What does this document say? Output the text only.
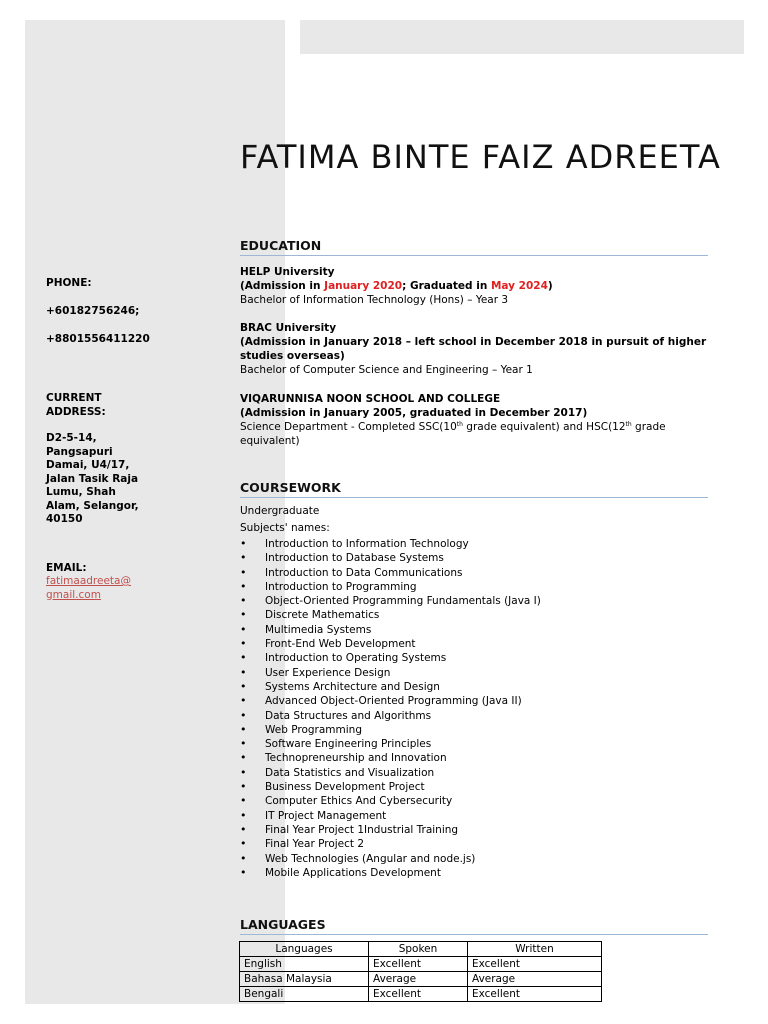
FATIMA BINTE FAIZ ADREETA
PHONE:
+60182756246;
+8801556411220
CURRENT
ADDRESS:
D2-5-14,
Pangsapuri
Damai, U4/17,
Jalan Tasik Raja
Lumu, Shah
Alam, Selangor,
40150
EMAIL:
fatimaadreeta@
gmail.com
EDUCATION
HELP University
(Admission in January 2020; Graduated in May 2024)
Bachelor of Information Technology (Hons) – Year 3
BRAC University
(Admission in January 2018 – left school in December 2018 in pursuit of higher studies overseas)
Bachelor of Computer Science and Engineering – Year 1
VIQARUNNISA NOON SCHOOL AND COLLEGE
(Admission in January 2005, graduated in December 2017)
Science Department - Completed SSC(10th grade equivalent) and HSC(12th grade equivalent)
COURSEWORK
Undergraduate
Subjects' names:
• Introduction to Information Technology
• Introduction to Database Systems
• Introduction to Data Communications
• Introduction to Programming
• Object-Oriented Programming Fundamentals (Java I)
• Discrete Mathematics
• Multimedia Systems
• Front-End Web Development
• Introduction to Operating Systems
• User Experience Design
• Systems Architecture and Design
• Advanced Object-Oriented Programming (Java II)
• Data Structures and Algorithms
• Web Programming
• Software Engineering Principles
• Technopreneurship and Innovation
• Data Statistics and Visualization
• Business Development Project
• Computer Ethics And Cybersecurity
• IT Project Management
• Final Year Project 1Industrial Training
• Final Year Project 2
• Web Technologies (Angular and node.js)
• Mobile Applications Development
LANGUAGES
Languages	Spoken	Written
English	Excellent	Excellent
Bahasa Malaysia	Average	Average
Bengali	Excellent	Excellent
